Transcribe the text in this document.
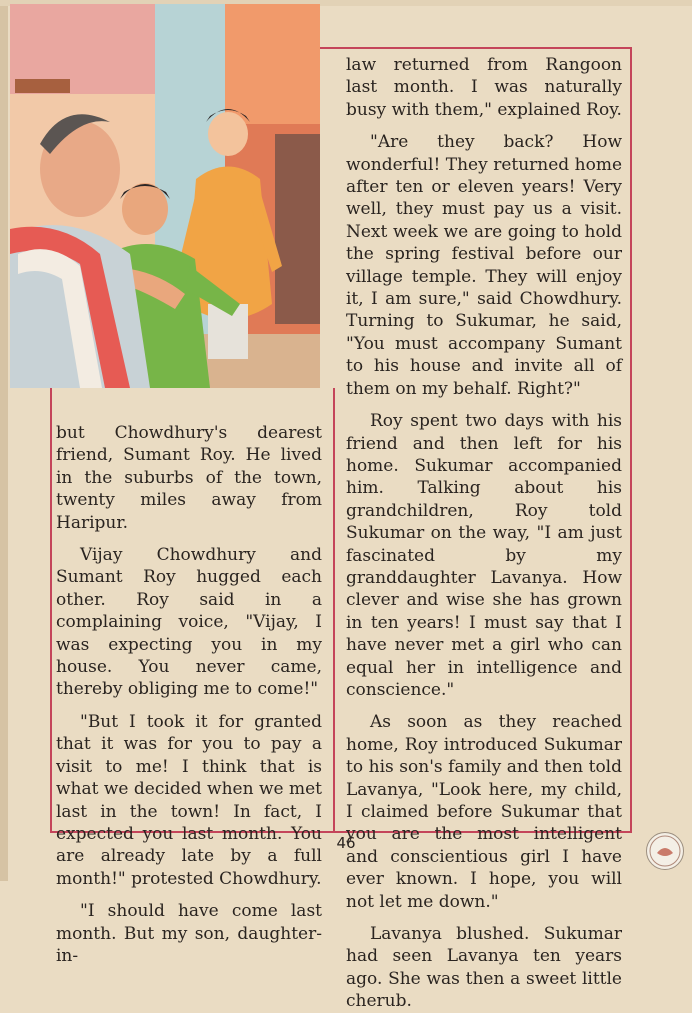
but Chowdhury's dearest friend, Sumant Roy. He lived in the suburbs of the town, twenty miles away from Haripur.

Vijay Chowdhury and Sumant Roy hugged each other. Roy said in a complaining voice, "Vijay, I was expecting you in my house. You never came, thereby obliging me to come!"

"But I took it for granted that it was for you to pay a visit to me! I think that is what we decided when we met last in the town! In fact, I expected you last month. You are already late by a full month!" protested Chowdhury.

"I should have come last month. But my son, daughter-in-

law returned from Rangoon last month. I was naturally busy with them," explained Roy.

"Are they back? How wonderful! They returned home after ten or eleven years! Very well, they must pay us a visit. Next week we are going to hold the spring festival before our village temple. They will enjoy it, I am sure," said Chowdhury. Turning to Sukumar, he said, "You must accompany Sumant to his house and invite all of them on my behalf. Right?"

Roy spent two days with his friend and then left for his home. Sukumar accompanied him. Talking about his grandchildren, Roy told Sukumar on the way, "I am just fascinated by my granddaughter Lavanya. How clever and wise she has grown in ten years! I must say that I have never met a girl who can equal her in intelligence and conscience."

As soon as they reached home, Roy introduced Sukumar to his son's family and then told Lavanya, "Look here, my child, I claimed before Sukumar that you are the most intelligent and conscientious girl I have ever known. I hope, you will not let me down."

Lavanya blushed. Sukumar had seen Lavanya ten years ago. She was then a sweet little cherub.

46
